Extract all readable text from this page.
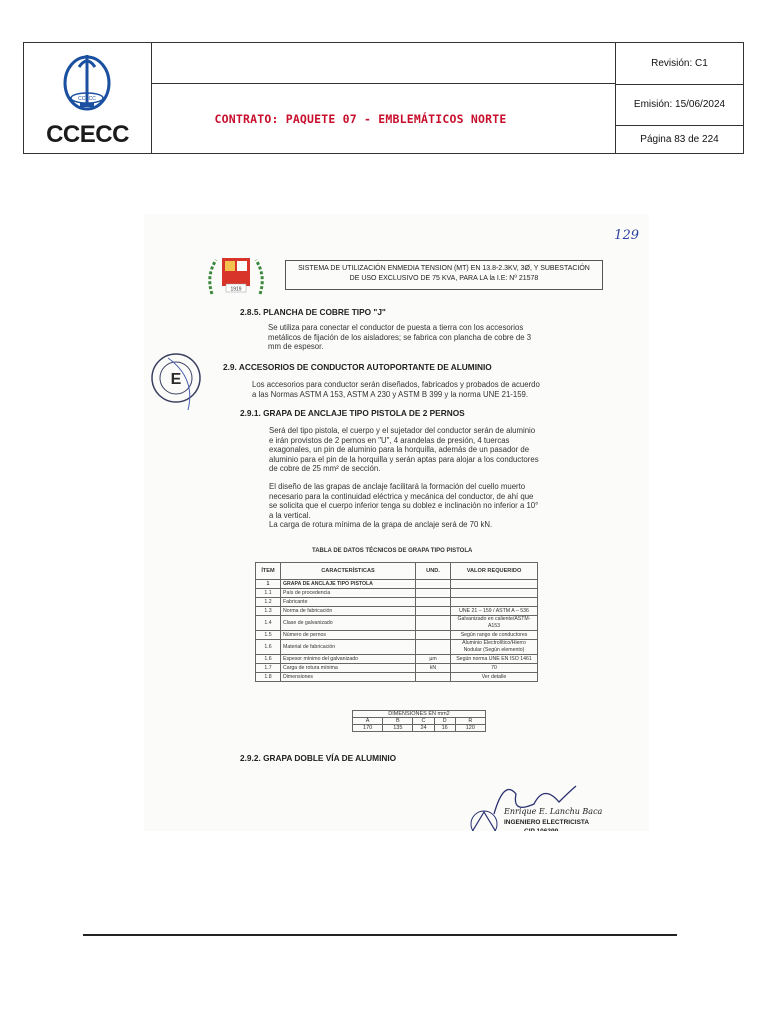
CCECC
CCECC
CONTRATO: PAQUETE 07 - EMBLEMÁTICOS NORTE
Revisión: C1
Emisión: 15/06/2024
Página 83 de 224
129
1919
SISTEMA DE UTILIZACIÓN ENMEDIA TENSION (MT) EN 13.8-2.3KV, 3Ø, Y SUBESTACIÓN
DE USO EXCLUSIVO DE 75 KVA, PARA LA la I.E: Nº 21578
E
2.8.5. PLANCHA DE COBRE TIPO "J"
Se utiliza para conectar el conductor de puesta a tierra con los accesorios
metálicos de fijación de los aisladores; se fabrica con plancha de cobre de 3
mm de espesor.
2.9. ACCESORIOS DE CONDUCTOR AUTOPORTANTE DE ALUMINIO
Los accesorios para conductor serán diseñados, fabricados y probados de acuerdo
a las Normas ASTM A 153, ASTM A 230 y ASTM B 399 y la norma UNE 21-159.
2.9.1. GRAPA DE ANCLAJE TIPO PISTOLA DE 2 PERNOS
Será del tipo pistola, el cuerpo y el sujetador del conductor serán de aluminio
e irán provistos de 2 pernos en "U", 4 arandelas de presión, 4 tuercas
exagonales, un pin de aluminio para la horquilla, además de un pasador de
aluminio para el pin de la horquilla y serán aptas para alojar a los conductores
de cobre de 25 mm² de sección.
El diseño de las grapas de anclaje facilitará la formación del cuello muerto
necesario para la continuidad eléctrica y mecánica del conductor, de ahí que
se solicita que el cuerpo inferior tenga su doblez e inclinación no inferior a 10°
a la vertical.
La carga de rotura mínima de la grapa de anclaje será de 70 kN.
TABLA DE DATOS TÉCNICOS DE GRAPA TIPO PISTOLA
ÍTEM	CARACTERÍSTICAS	UND.	VALOR REQUERIDO
1	GRAPA DE ANCLAJE TIPO PISTOLA		
1.1	País de procedencia		
1.2	Fabricante		
1.3	Norma de fabricación		UNE 21 – 159 / ASTM A – 536
1.4	Clase de galvanizado		Galvanizado en caliente/ASTM-A153
1.5	Número de pernos		Según rango de conductores
1.6	Material de fabricación		Aluminio Electrolítico/Hierro Nodular (Según elemento)
1.6	Espesor mínimo del galvanizado	µm	Según norma UNE EN ISO 1461
1.7	Carga de rotura mínima	kN	70
1.8	Dimensiones		Ver detalle
DIMENSIONES EN mm2				
A	B	C	D	R
170	135	24	16	120
2.9.2. GRAPA DOBLE VÍA DE ALUMINIO
Enrique E. Lanchu Baca
INGENIERO ELECTRICISTA
CIP 106399
